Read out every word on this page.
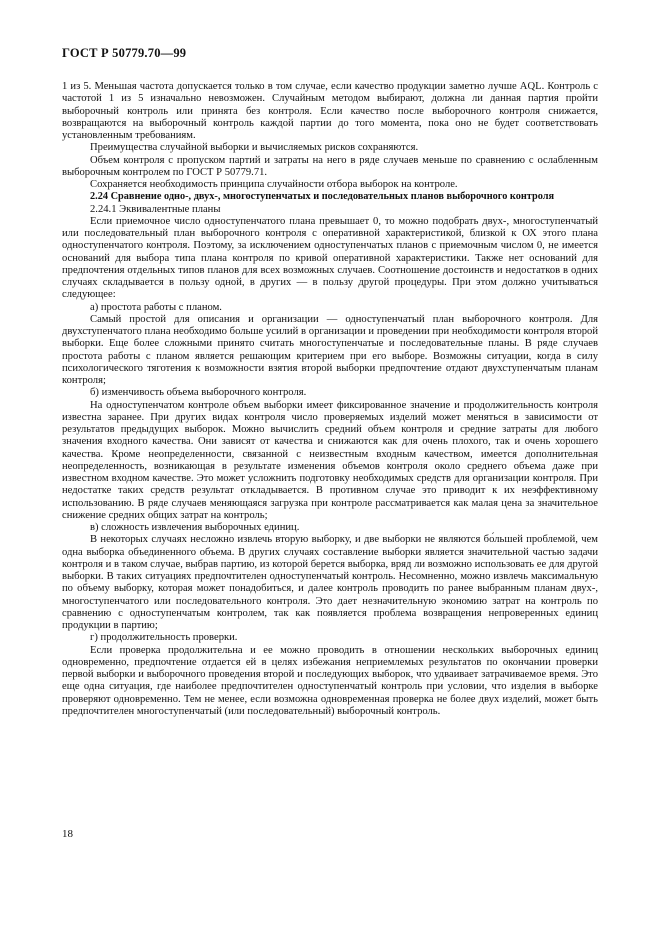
ГОСТ Р 50779.70—99

1 из 5. Меньшая частота допускается только в том случае, если качество продукции заметно лучше AQL. Контроль с частотой 1 из 5 изначально невозможен. Случайным методом выбирают, должна ли данная партия пройти выборочный контроль или принята без контроля. Если качество после выборочного контроля снижается, возвращаются на выборочный контроль каждой партии до того момента, пока оно не будет соответствовать установленным требованиям.

Преимущества случайной выборки и вычисляемых рисков сохраняются.

Объем контроля с пропуском партий и затраты на него в ряде случаев меньше по сравнению с ослабленным выборочным контролем по ГОСТ Р 50779.71.

Сохраняется необходимость принципа случайности отбора выборок на контроле.

2.24 Сравнение одно-, двух-, многоступенчатых и последовательных планов выборочного контроля

2.24.1 Эквивалентные планы

Если приемочное число одноступенчатого плана превышает 0, то можно подобрать двух-, многоступенчатый или последовательный план выборочного контроля с оперативной характеристикой, близкой к ОХ этого плана одноступенчатого контроля. Поэтому, за исключением одноступенчатых планов с приемочным числом 0, не имеется оснований для выбора типа плана контроля по кривой оперативной характеристики. Также нет оснований для предпочтения отдельных типов планов для всех возможных случаев. Соотношение достоинств и недостатков в одних случаях складывается в пользу одной, в других — в пользу другой процедуры. При этом должно учитываться следующее:

а) простота работы с планом.

Самый простой для описания и организации — одноступенчатый план выборочного контроля. Для двухступенчатого плана необходимо больше усилий в организации и проведении при необходимости контроля второй выборки. Еще более сложными принято считать многоступенчатые и последовательные планы. В ряде случаев простота работы с планом является решающим критерием при его выборе. Возможны ситуации, когда в силу психологического тяготения к возможности взятия второй выборки предпочтение отдают двухступенчатым планам контроля;

б) изменчивость объема выборочного контроля.

На одноступенчатом контроле объем выборки имеет фиксированное значение и продолжительность контроля известна заранее. При других видах контроля число проверяемых изделий может меняться в зависимости от результатов предыдущих выборок. Можно вычислить средний объем контроля и средние затраты для любого значения входного качества. Они зависят от качества и снижаются как для очень плохого, так и очень хорошего качества. Кроме неопределенности, связанной с неизвестным входным качеством, имеется дополнительная неопределенность, возникающая в результате изменения объемов контроля около среднего объема даже при известном входном качестве. Это может усложнить подготовку необходимых средств для организации контроля. При недостатке таких средств результат откладывается. В противном случае это приводит к их неэффективному использованию. В ряде случаев меняющаяся загрузка при контроле рассматривается как малая цена за значительное снижение средних общих затрат на контроль;

в) сложность извлечения выборочных единиц.

В некоторых случаях несложно извлечь вторую выборку, и две выборки не являются бо́льшей проблемой, чем одна выборка объединенного объема. В других случаях составление выборки является значительной частью задачи контроля и в таком случае, выбрав партию, из которой берется выборка, вряд ли возможно использовать ее для другой выборки. В таких ситуациях предпочтителен одноступенчатый контроль. Несомненно, можно извлечь максимальную по объему выборку, которая может понадобиться, и далее контроль проводить по ранее выбранным планам двух-, многоступенчатого или последовательного контроля. Это дает незначительную экономию затрат на контроль по сравнению с одноступенчатым контролем, так как появляется проблема возвращения непроверенных единиц продукции в партию;

г) продолжительность проверки.

Если проверка продолжительна и ее можно проводить в отношении нескольких выборочных единиц одновременно, предпочтение отдается ей в целях избежания неприемлемых результатов по окончании проверки первой выборки и выборочного проведения второй и последующих выборок, что удваивает затрачиваемое время. Это еще одна ситуация, где наиболее предпочтителен одноступенчатый контроль при условии, что изделия в выборке проверяют одновременно. Тем не менее, если возможна одновременная проверка не более двух изделий, может быть предпочтителен многоступенчатый (или последовательный) выборочный контроль.

18
